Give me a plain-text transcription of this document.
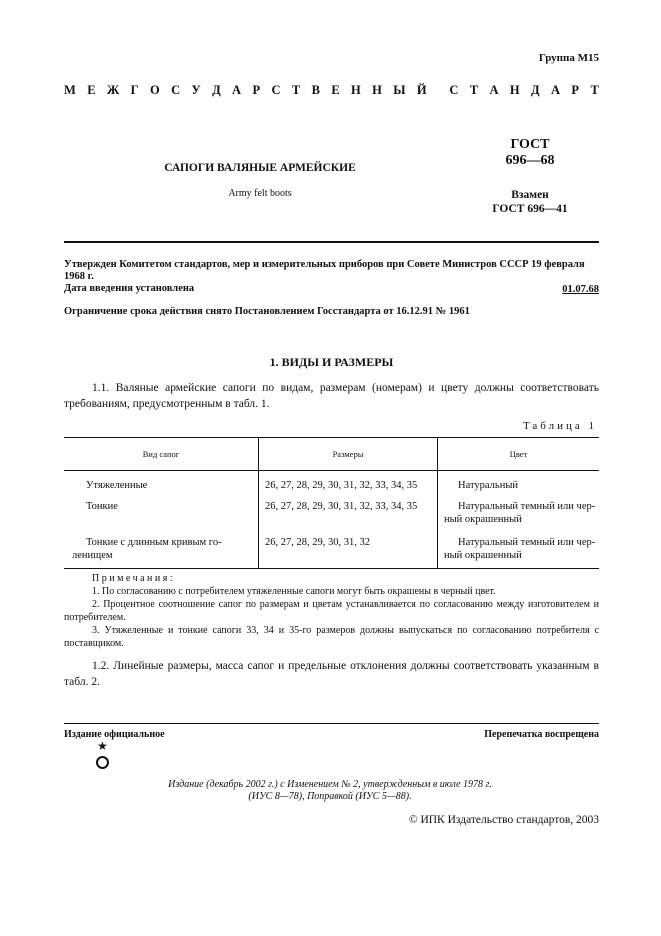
Группа М15
М Е Ж Г О С У Д А Р С Т В Е Н Н Ы Й С Т А Н Д А Р Т
ГОСТ
696—68
САПОГИ ВАЛЯНЫЕ АРМЕЙСКИЕ
Army felt boots	Взамен
ГОСТ 696—41
Утвержден Комитетом стандартов, мер и измерительных приборов при Совете Министров СССР 19 февраля 1968 г.
Дата введения установлена	01.07.68
Ограничение срока действия снято Постановлением Госстандарта от 16.12.91 № 1961
1. ВИДЫ И РАЗМЕРЫ
1.1. Валяные армейские сапоги по видам, размерам (номерам) и цвету должны соответствовать требованиям, предусмотренным в табл. 1.
Таблица 1
Вид сапог	Размеры	Цвет

Утяжеленные	26, 27, 28, 29, 30, 31, 32, 33, 34, 35	Натуральный

Тонкие	26, 27, 28, 29, 30, 31, 32, 33, 34, 35	Натуральный темный или чер-ный окрашенный

Тонкие с длинным кривым го-ленищем	26, 27, 28, 29, 30, 31, 32	Натуральный темный или чер-ный окрашенный
Примечания:

1. По согласованию с потребителем утяжеленные сапоги могут быть окрашены в черный цвет.

2. Процентное соотношение сапог по размерам и цветам устанавливается по согласованию между изготовителем и потребителем.

3. Утяжеленные и тонкие сапоги 33, 34 и 35-го размеров должны выпускаться по согласованию потребителя с поставщиком.

1.2. Линейные размеры, масса сапог и предельные отклонения должны соответствовать указанным в табл. 2.
Издание официальное	Перепечатка воспрещена
★
Издание (декабрь 2002 г.) с Изменением № 2, утвержденным в июле 1978 г.
(ИУС 8—78), Поправкой (ИУС 5—88).
© ИПК Издательство стандартов, 2003
